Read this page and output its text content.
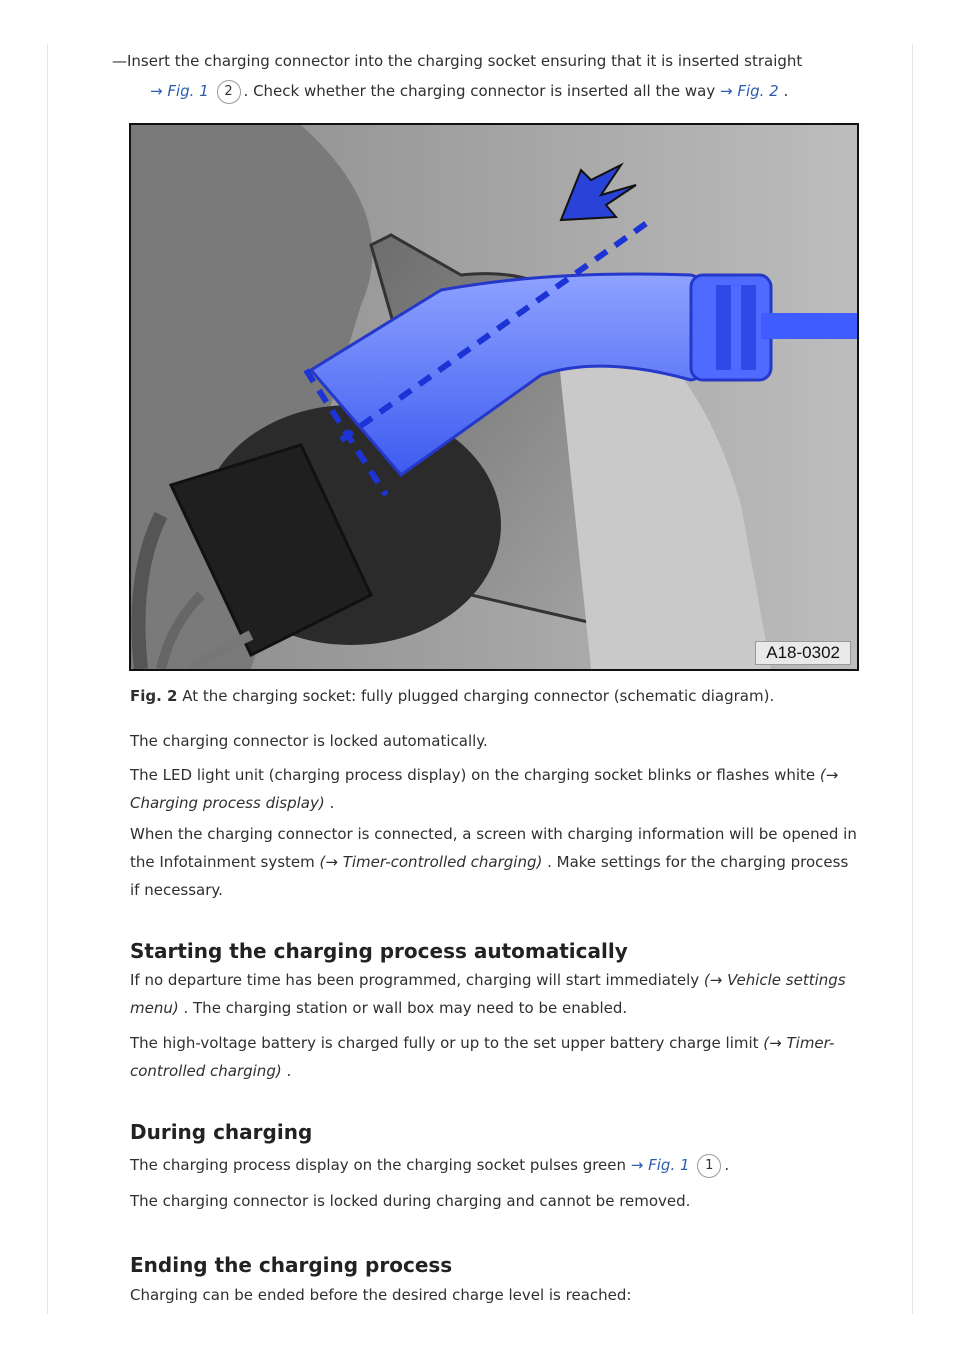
—Insert the charging connector into the charging socket ensuring that it is inserted straight
→ Fig. 1 2 . Check whether the charging connector is inserted all the way → Fig. 2 .
A18-0302
Fig. 2 At the charging socket: fully plugged charging connector (schematic diagram).
The charging connector is locked automatically.
The LED light unit (charging process display) on the charging socket blinks or flashes white (→
Charging process display) .
When the charging connector is connected, a screen with charging information will be opened in
the Infotainment system (→ Timer-controlled charging) . Make settings for the charging process
if necessary.
Starting the charging process automatically
If no departure time has been programmed, charging will start immediately (→ Vehicle settings
menu) . The charging station or wall box may need to be enabled.
The high-voltage battery is charged fully or up to the set upper battery charge limit (→ Timer-
controlled charging) .
During charging
The charging process display on the charging socket pulses green → Fig. 1 1 .
The charging connector is locked during charging and cannot be removed.
Ending the charging process
Charging can be ended before the desired charge level is reached:
